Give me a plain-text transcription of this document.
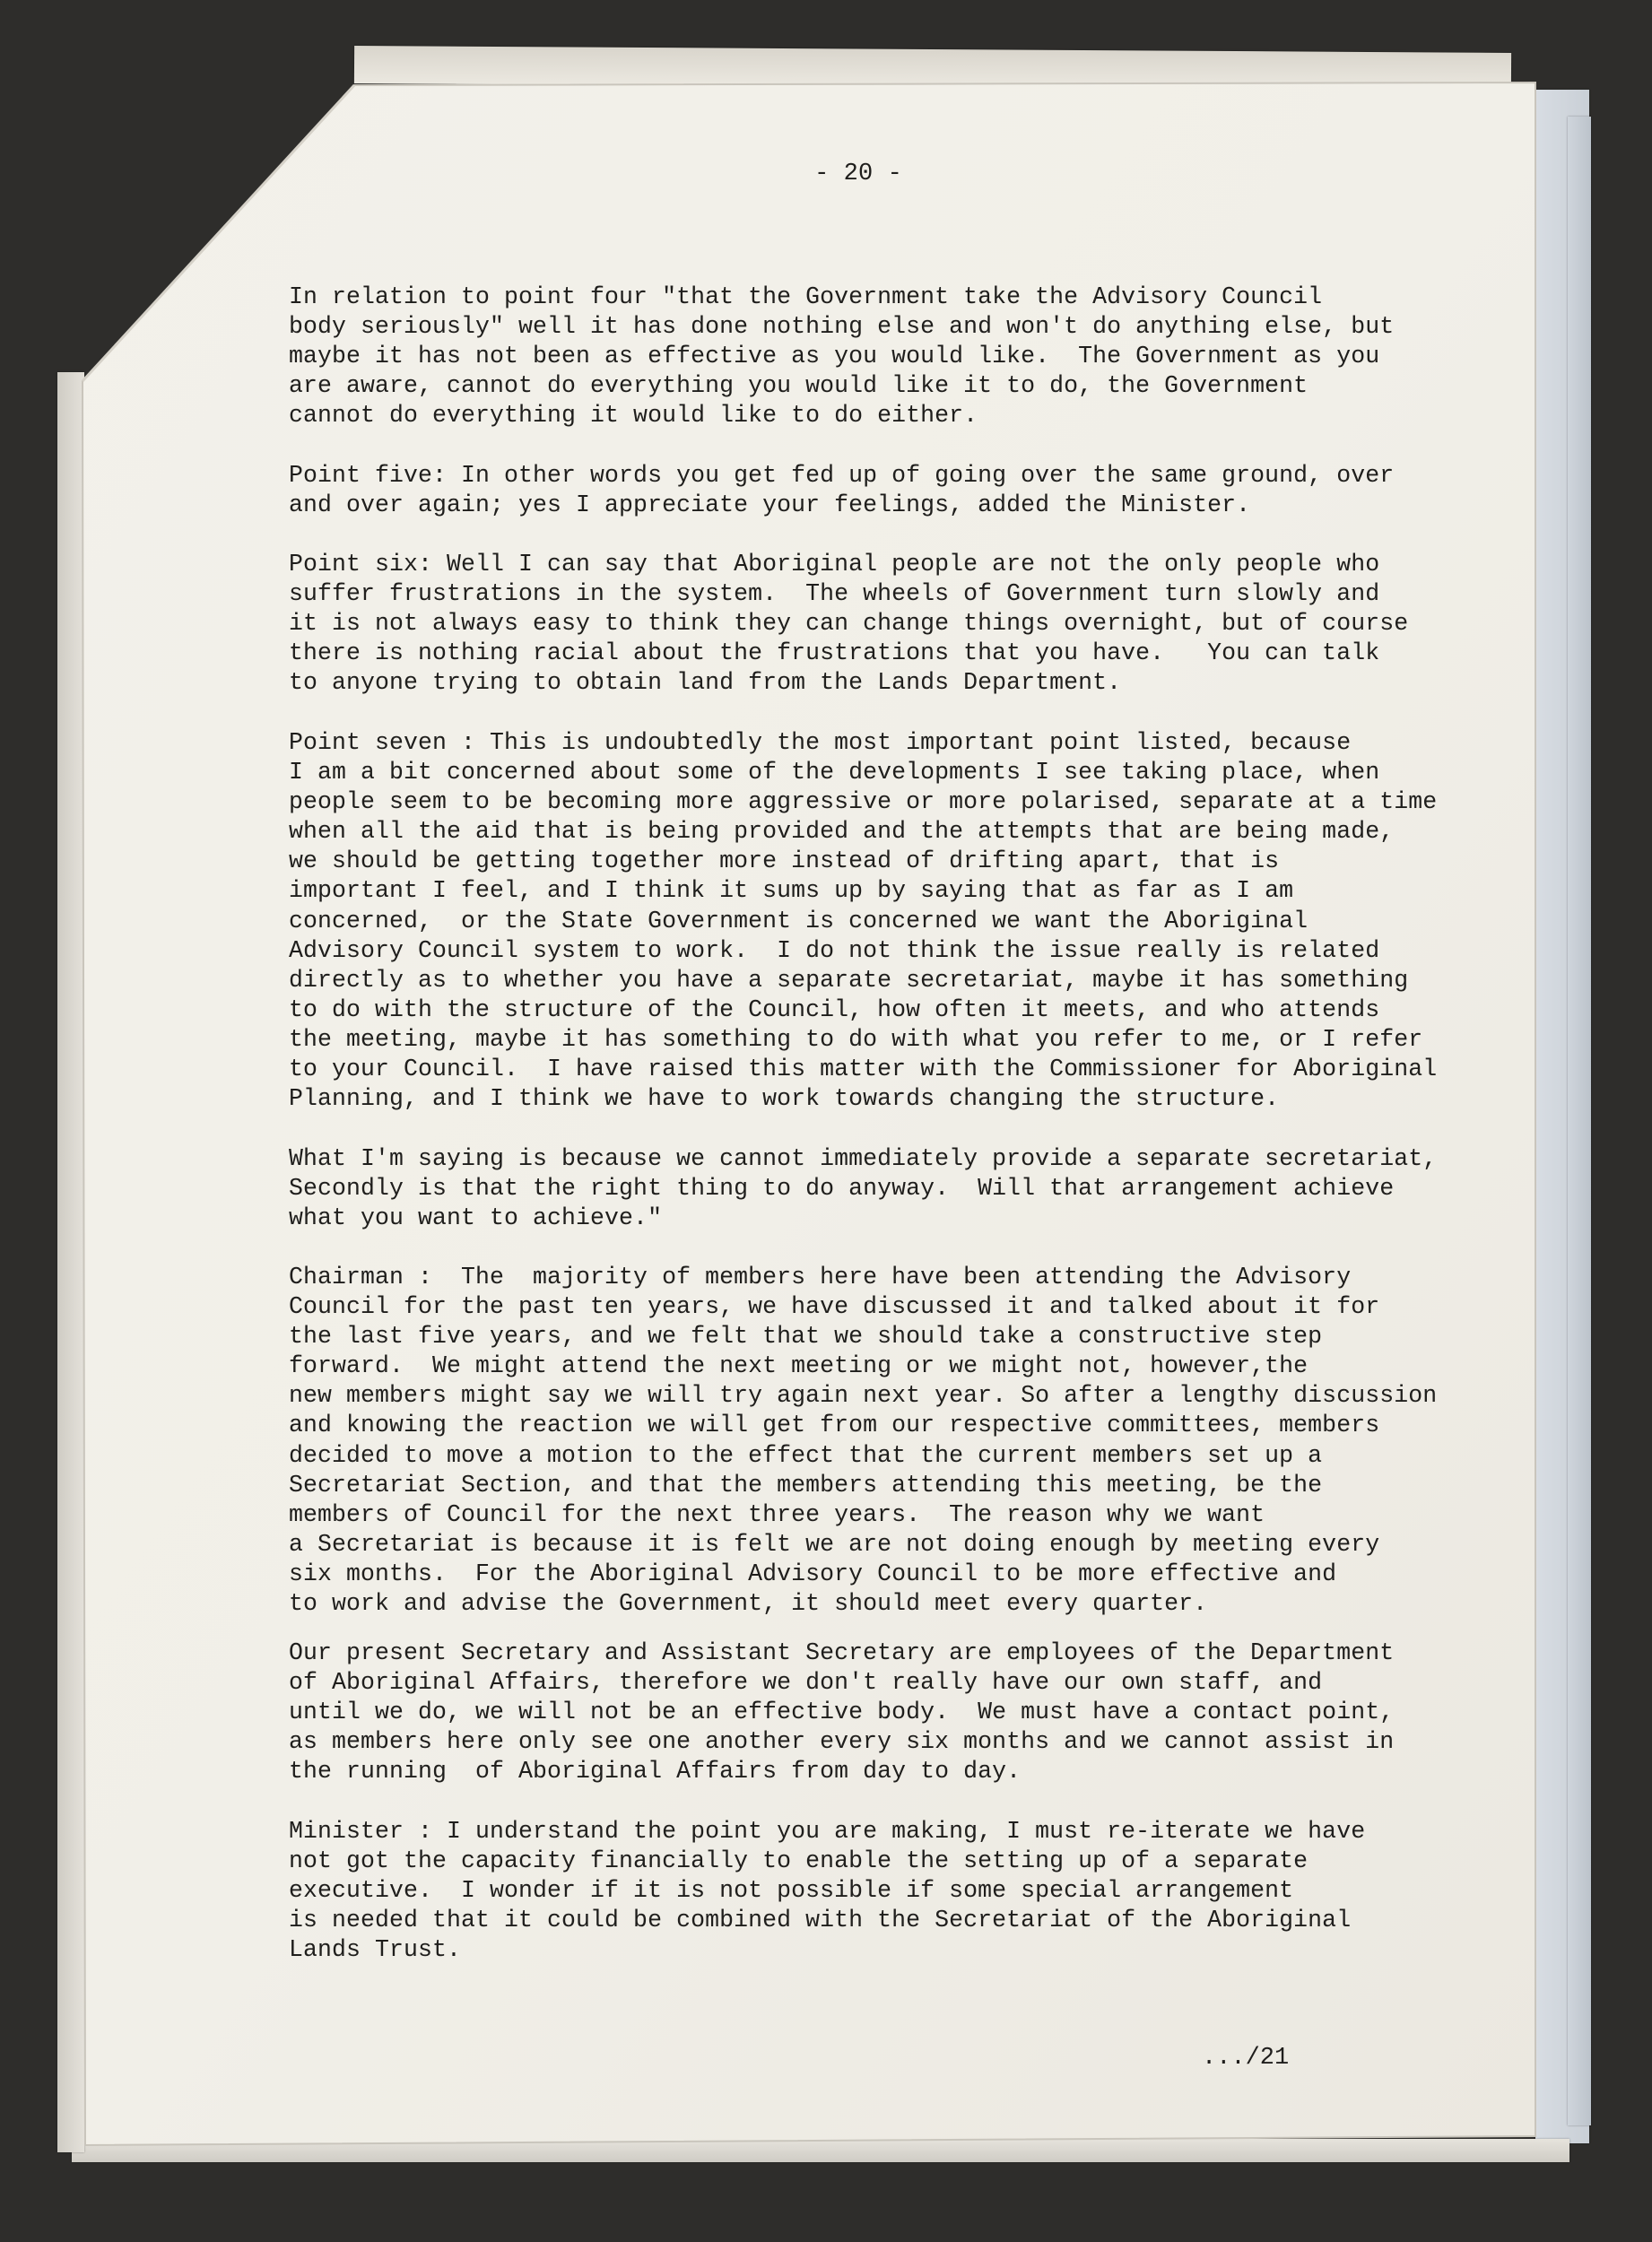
- 20 -
In relation to point four "that the Government take the Advisory Council
body seriously" well it has done nothing else and won't do anything else, but
maybe it has not been as effective as you would like.  The Government as you
are aware, cannot do everything you would like it to do, the Government
cannot do everything it would like to do either.
Point five: In other words you get fed up of going over the same ground, over
and over again; yes I appreciate your feelings, added the Minister.
Point six: Well I can say that Aboriginal people are not the only people who
suffer frustrations in the system.  The wheels of Government turn slowly and
it is not always easy to think they can change things overnight, but of course
there is nothing racial about the frustrations that you have.   You can talk
to anyone trying to obtain land from the Lands Department.
Point seven : This is undoubtedly the most important point listed, because
I am a bit concerned about some of the developments I see taking place, when
people seem to be becoming more aggressive or more polarised, separate at a time
when all the aid that is being provided and the attempts that are being made,
we should be getting together more instead of drifting apart, that is
important I feel, and I think it sums up by saying that as far as I am
concerned,  or the State Government is concerned we want the Aboriginal
Advisory Council system to work.  I do not think the issue really is related
directly as to whether you have a separate secretariat, maybe it has something
to do with the structure of the Council, how often it meets, and who attends
the meeting, maybe it has something to do with what you refer to me, or I refer
to your Council.  I have raised this matter with the Commissioner for Aboriginal
Planning, and I think we have to work towards changing the structure.
What I'm saying is because we cannot immediately provide a separate secretariat,
Secondly is that the right thing to do anyway.  Will that arrangement achieve
what you want to achieve."
Chairman :  The  majority of members here have been attending the Advisory
Council for the past ten years, we have discussed it and talked about it for
the last five years, and we felt that we should take a constructive step
forward.  We might attend the next meeting or we might not, however,the
new members might say we will try again next year. So after a lengthy discussion
and knowing the reaction we will get from our respective committees, members
decided to move a motion to the effect that the current members set up a
Secretariat Section, and that the members attending this meeting, be the
members of Council for the next three years.  The reason why we want
a Secretariat is because it is felt we are not doing enough by meeting every
six months.  For the Aboriginal Advisory Council to be more effective and
to work and advise the Government, it should meet every quarter.
Our present Secretary and Assistant Secretary are employees of the Department
of Aboriginal Affairs, therefore we don't really have our own staff, and
until we do, we will not be an effective body.  We must have a contact point,
as members here only see one another every six months and we cannot assist in
the running  of Aboriginal Affairs from day to day.
Minister : I understand the point you are making, I must re-iterate we have
not got the capacity financially to enable the setting up of a separate
executive.  I wonder if it is not possible if some special arrangement
is needed that it could be combined with the Secretariat of the Aboriginal
Lands Trust.
.../21
